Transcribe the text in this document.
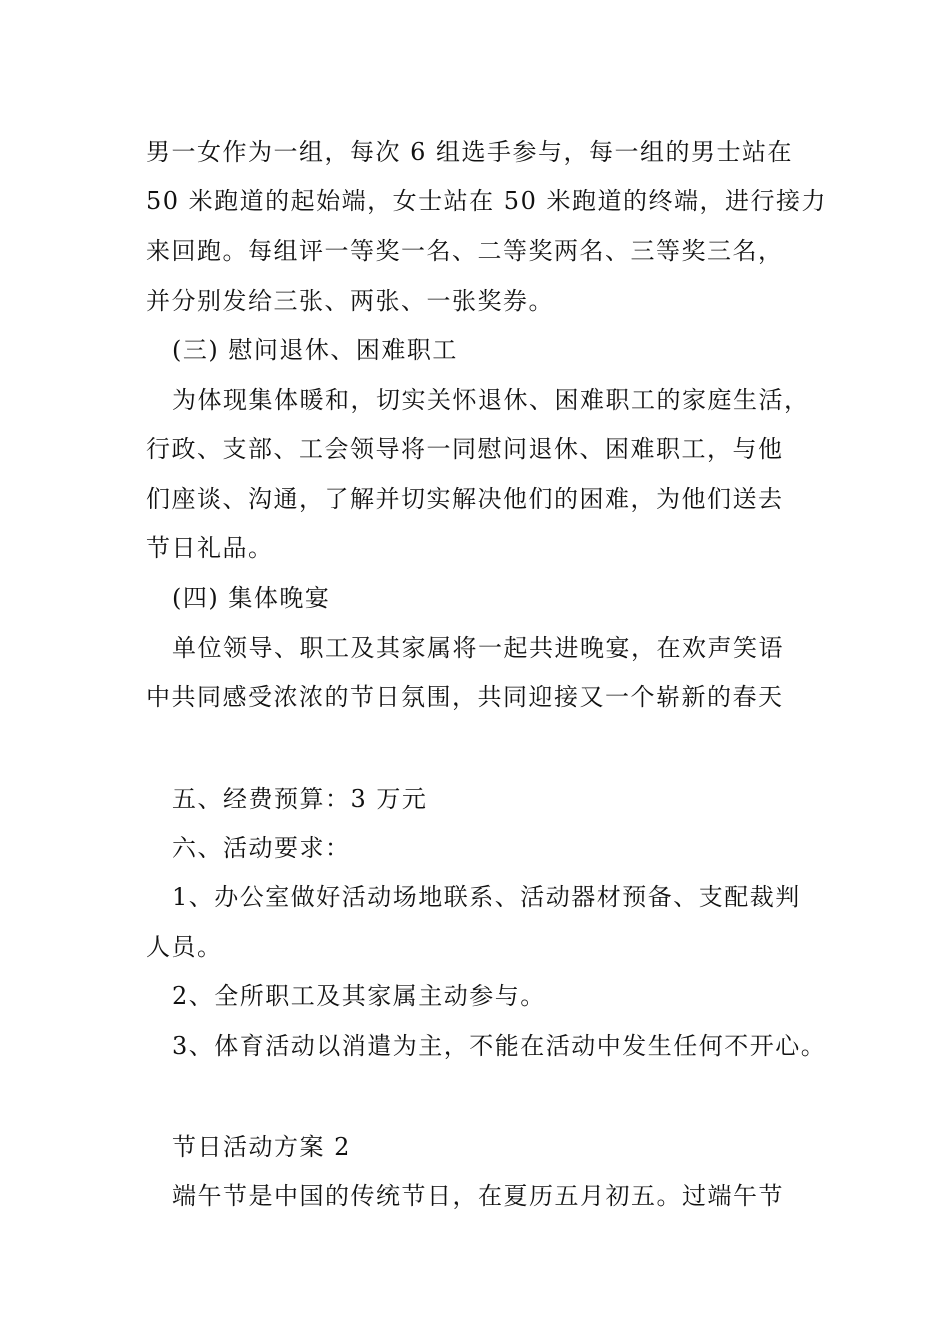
男一女作为一组，每次 6 组选手参与，每一组的男士站在
50 米跑道的起始端，女士站在 50 米跑道的终端，进行接力
来回跑。每组评一等奖一名、二等奖两名、三等奖三名，
并分别发给三张、两张、一张奖券。
(三) 慰问退休、困难职工
为体现集体暖和，切实关怀退休、困难职工的家庭生活，
行政、支部、工会领导将一同慰问退休、困难职工，与他
们座谈、沟通，了解并切实解决他们的困难，为他们送去
节日礼品。
(四) 集体晚宴
单位领导、职工及其家属将一起共进晚宴，在欢声笑语
中共同感受浓浓的节日氛围，共同迎接又一个崭新的春天
五、经费预算：3 万元
六、活动要求：
1、办公室做好活动场地联系、活动器材预备、支配裁判
人员。
2、全所职工及其家属主动参与。
3、体育活动以消遣为主，不能在活动中发生任何不开心。
节日活动方案 2
端午节是中国的传统节日，在夏历五月初五。过端午节
